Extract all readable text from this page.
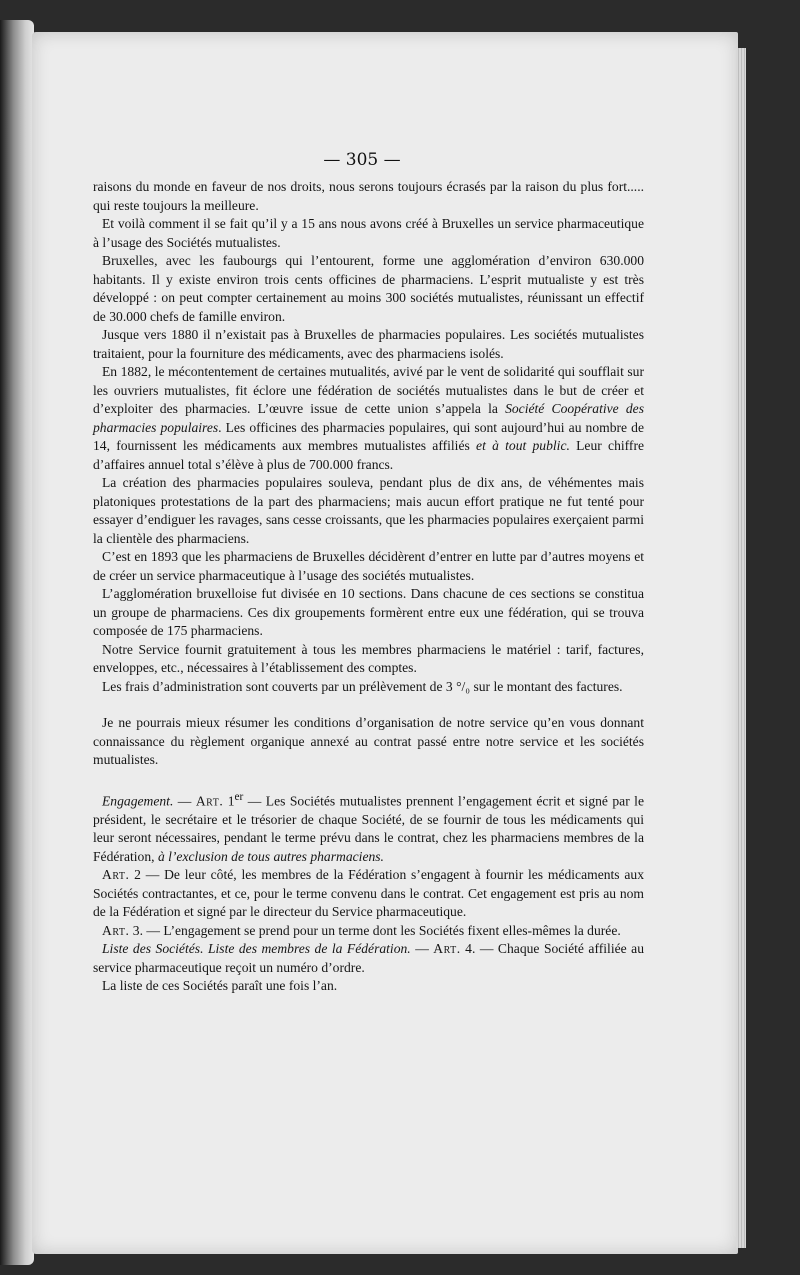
— 305 —

raisons du monde en faveur de nos droits, nous serons toujours écrasés par la raison du plus fort..... qui reste toujours la meilleure.

Et voilà comment il se fait qu’il y a 15 ans nous avons créé à Bruxelles un service pharmaceutique à l’usage des Sociétés mutualistes.

Bruxelles, avec les faubourgs qui l’entourent, forme une agglomération d’environ 630.000 habitants. Il y existe environ trois cents officines de pharmaciens. L’esprit mutualiste y est très développé : on peut compter certainement au moins 300 sociétés mutualistes, réunissant un effectif de 30.000 chefs de famille environ.

Jusque vers 1880 il n’existait pas à Bruxelles de pharmacies populaires. Les sociétés mutualistes traitaient, pour la fourniture des médicaments, avec des pharmaciens isolés.

En 1882, le mécontentement de certaines mutualités, avivé par le vent de solidarité qui soufflait sur les ouvriers mutualistes, fit éclore une fédération de sociétés mutualistes dans le but de créer et d’exploiter des pharmacies. L’œuvre issue de cette union s’appela la Société Coopérative des pharmacies populaires. Les officines des pharmacies populaires, qui sont aujourd’hui au nombre de 14, fournissent les médicaments aux membres mutualistes affiliés et à tout public. Leur chiffre d’affaires annuel total s’élève à plus de 700.000 francs.

La création des pharmacies populaires souleva, pendant plus de dix ans, de véhémentes mais platoniques protestations de la part des pharmaciens; mais aucun effort pratique ne fut tenté pour essayer d’endiguer les ravages, sans cesse croissants, que les pharmacies populaires exerçaient parmi la clientèle des pharmaciens.

C’est en 1893 que les pharmaciens de Bruxelles décidèrent d’entrer en lutte par d’autres moyens et de créer un service pharmaceutique à l’usage des sociétés mutualistes.

L’agglomération bruxelloise fut divisée en 10 sections. Dans chacune de ces sections se constitua un groupe de pharmaciens. Ces dix groupements formèrent entre eux une fédération, qui se trouva composée de 175 pharmaciens.

Notre Service fournit gratuitement à tous les membres pharmaciens le matériel : tarif, factures, enveloppes, etc., nécessaires à l’établissement des comptes.

Les frais d’administration sont couverts par un prélèvement de 3 °/₀ sur le montant des factures.

Je ne pourrais mieux résumer les conditions d’organisation de notre service qu’en vous donnant connaissance du règlement organique annexé au contrat passé entre notre service et les sociétés mutualistes.

Engagement. — Art. 1er — Les Sociétés mutualistes prennent l’engagement écrit et signé par le président, le secrétaire et le trésorier de chaque Société, de se fournir de tous les médicaments qui leur seront nécessaires, pendant le terme prévu dans le contrat, chez les pharmaciens membres de la Fédération, à l’exclusion de tous autres pharmaciens.

Art. 2 — De leur côté, les membres de la Fédération s’engagent à fournir les médicaments aux Sociétés contractantes, et ce, pour le terme convenu dans le contrat. Cet engagement est pris au nom de la Fédération et signé par le directeur du Service pharmaceutique.

Art. 3. — L’engagement se prend pour un terme dont les Sociétés fixent elles-mêmes la durée.

Liste des Sociétés. Liste des membres de la Fédération. — Art. 4. — Chaque Société affiliée au service pharmaceutique reçoit un numéro d’ordre.

La liste de ces Sociétés paraît une fois l’an.
